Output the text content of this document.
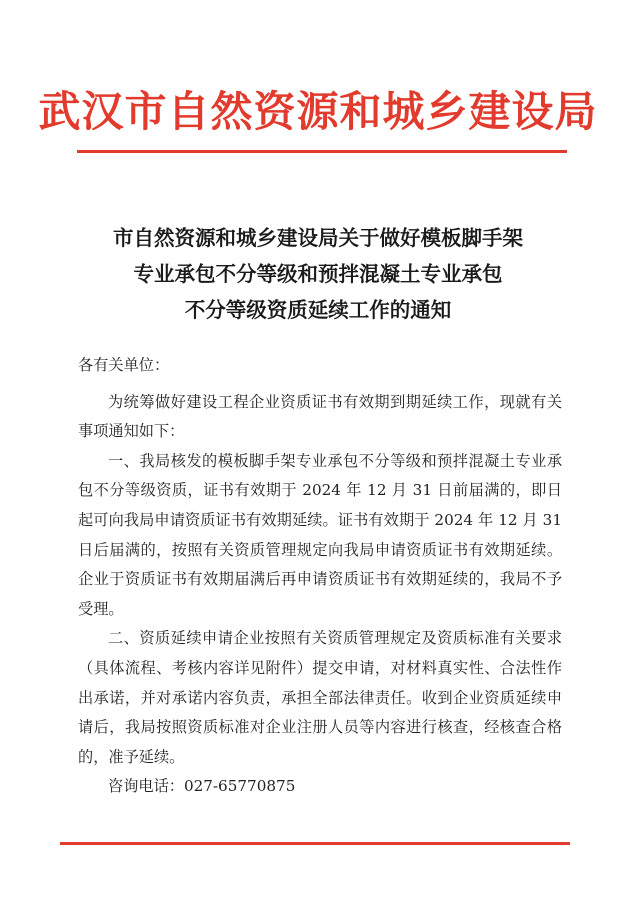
武汉市自然资源和城乡建设局
市自然资源和城乡建设局关于做好模板脚手架
专业承包不分等级和预拌混凝土专业承包
不分等级资质延续工作的通知

各有关单位：

为统筹做好建设工程企业资质证书有效期到期延续工作，现就有关事项通知如下：

一、我局核发的模板脚手架专业承包不分等级和预拌混凝土专业承包不分等级资质，证书有效期于 2024 年 12 月 31 日前届满的，即日起可向我局申请资质证书有效期延续。证书有效期于 2024 年 12 月 31 日后届满的，按照有关资质管理规定向我局申请资质证书有效期延续。企业于资质证书有效期届满后再申请资质证书有效期延续的，我局不予受理。

二、资质延续申请企业按照有关资质管理规定及资质标准有关要求（具体流程、考核内容详见附件）提交申请，对材料真实性、合法性作出承诺，并对承诺内容负责，承担全部法律责任。收到企业资质延续申请后，我局按照资质标准对企业注册人员等内容进行核查，经核查合格的，准予延续。

咨询电话：027-65770875
